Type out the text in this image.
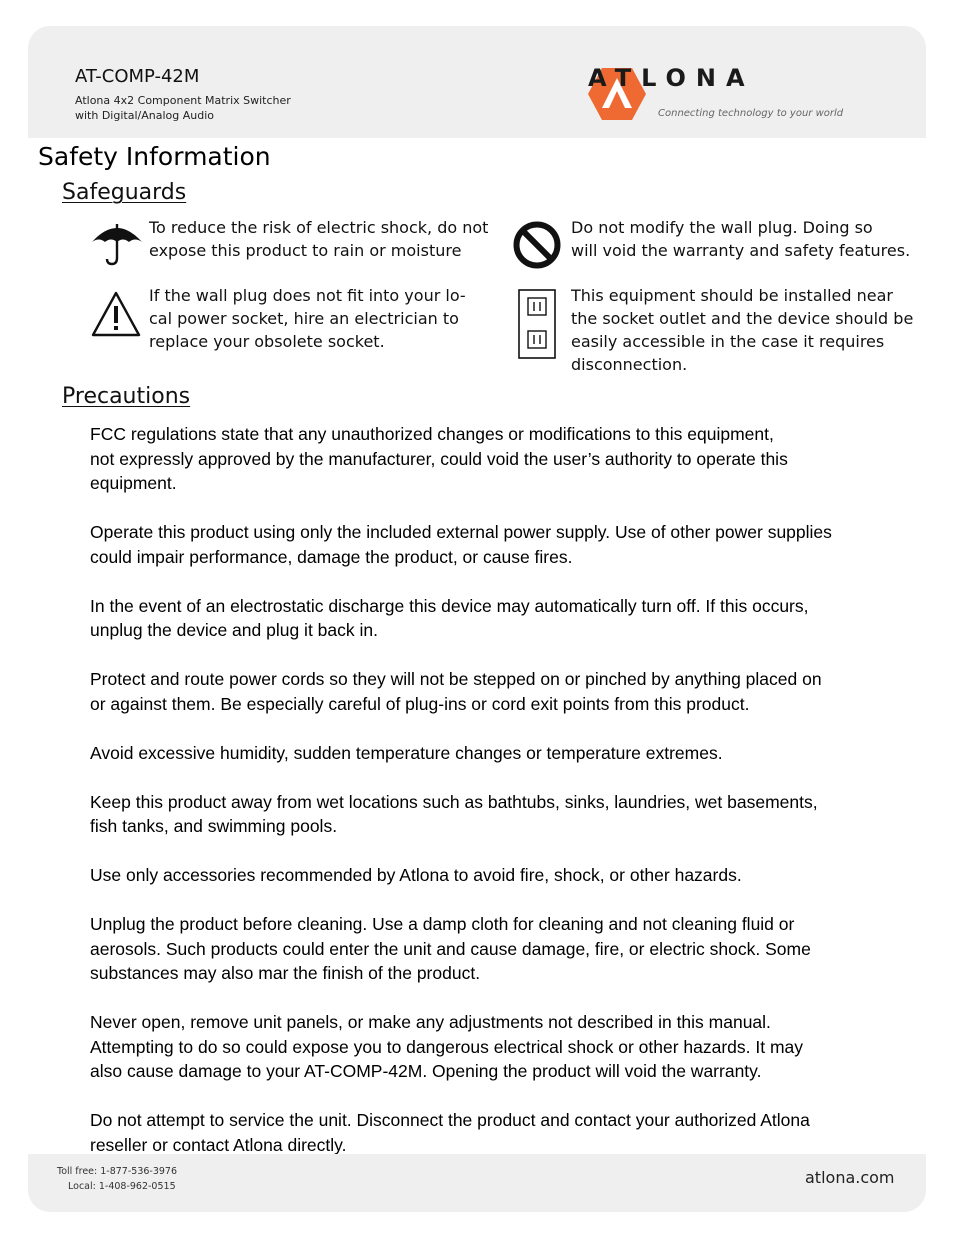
AT-COMP-42M
Atlona 4x2 Component Matrix Switcher
with Digital/Analog Audio
ATLONA
Connecting technology to your world
Safety Information
Safeguards
To reduce the risk of electric shock, do not
expose this product to rain or moisture
Do not modify the wall plug. Doing so
will void the warranty and safety features.
If the wall plug does not fit into your lo-
cal power socket, hire an electrician to
replace your obsolete socket.
This equipment should be installed near
the socket outlet and the device should be
easily accessible in the case it requires
disconnection.
Precautions

FCC regulations state that any unauthorized changes or modifications to this equipment,
not expressly approved by the manufacturer, could void the user’s authority to operate this
equipment.

Operate this product using only the included external power supply. Use of other power supplies
could impair performance, damage the product, or cause fires.

In the event of an electrostatic discharge this device may automatically turn off. If this occurs,
unplug the device and plug it back in.

Protect and route power cords so they will not be stepped on or pinched by anything placed on
or against them. Be especially careful of plug-ins or cord exit points from this product.

Avoid excessive humidity, sudden temperature changes or temperature extremes.

Keep this product away from wet locations such as bathtubs, sinks, laundries, wet basements,
fish tanks, and swimming pools.

Use only accessories recommended by Atlona to avoid fire, shock, or other hazards.

Unplug the product before cleaning. Use a damp cloth for cleaning and not cleaning fluid or
aerosols. Such products could enter the unit and cause damage, fire, or electric shock. Some
substances may also mar the finish of the product.

Never open, remove unit panels, or make any adjustments not described in this manual.
Attempting to do so could expose you to dangerous electrical shock or other hazards. It may
also cause damage to your AT-COMP-42M. Opening the product will void the warranty.

Do not attempt to service the unit. Disconnect the product and contact your authorized Atlona
reseller or contact Atlona directly.

Toll free: 1-877-536-3976
Local: 1-408-962-0515	atlona.com
